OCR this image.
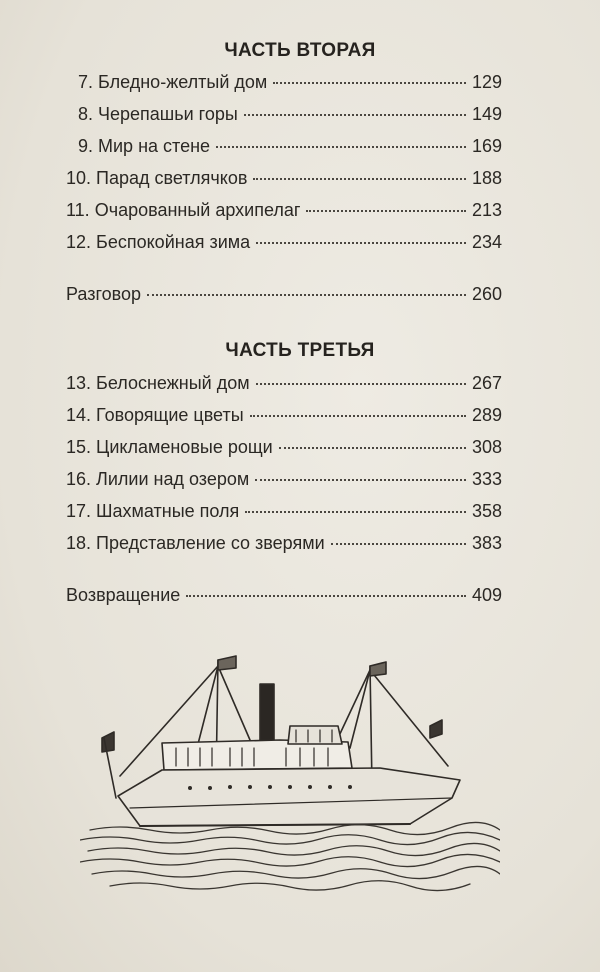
ЧАСТЬ ВТОРАЯ
7. Бледно-желтый дом	129
8. Черепашьи горы	149
9. Мир на стене	169
10. Парад светлячков	188
11. Очарованный архипелаг	213
12. Беспокойная зима	234
Разговор	260
ЧАСТЬ ТРЕТЬЯ
13. Белоснежный дом	267
14. Говорящие цветы	289
15. Цикламеновые рощи	308
16. Лилии над озером	333
17. Шахматные поля	358
18. Представление со зверями	383
Возвращение	409
